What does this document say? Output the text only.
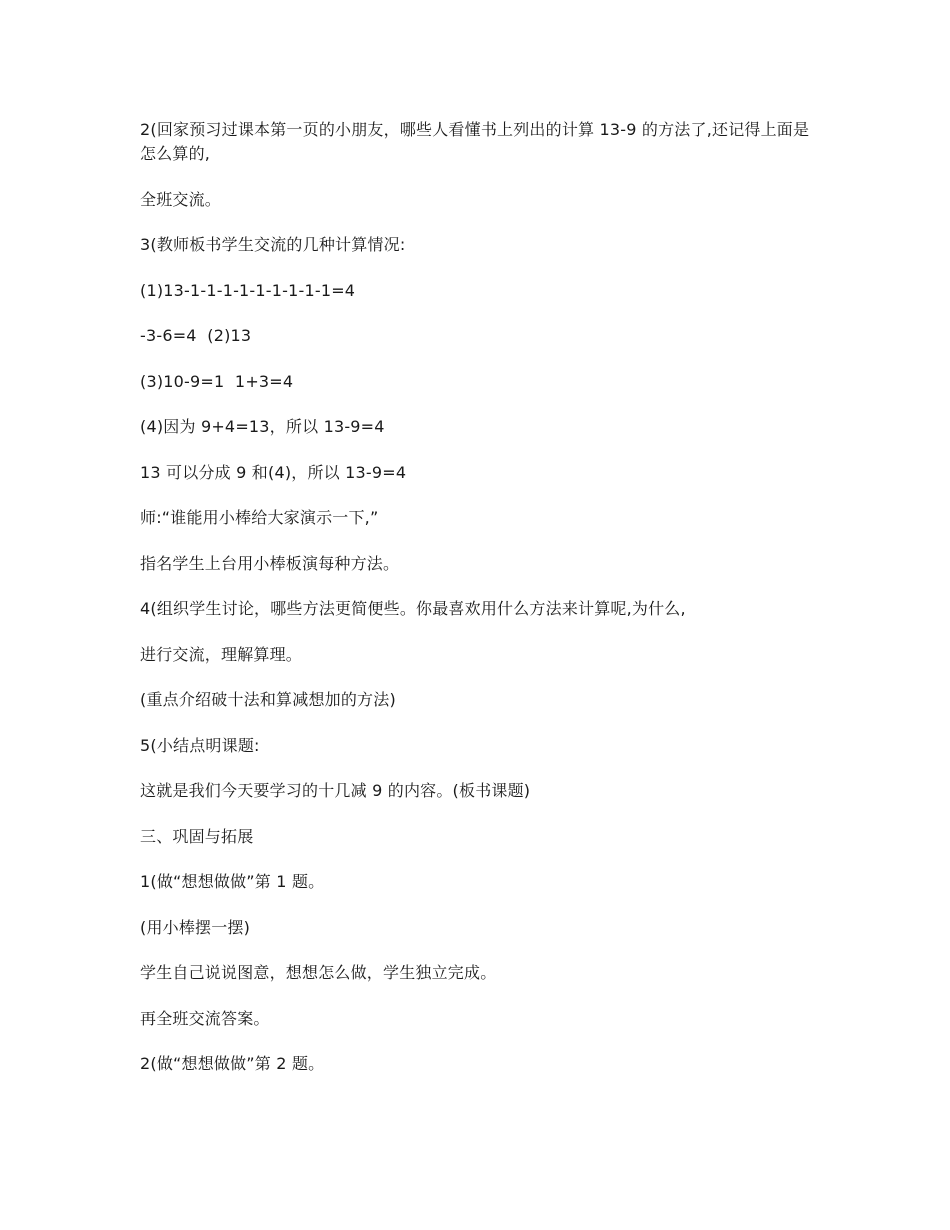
2(回家预习过课本第一页的小朋友，哪些人看懂书上列出的计算 13-9 的方法了,还记得上面是怎么算的,

全班交流。

3(教师板书学生交流的几种计算情况:

(1)13-1-1-1-1-1-1-1-1-1=4

-3-6=4  (2)13

(3)10-9=1  1+3=4

(4)因为 9+4=13，所以 13-9=4

13 可以分成 9 和(4)，所以 13-9=4

师:“谁能用小棒给大家演示一下,”

指名学生上台用小棒板演每种方法。

4(组织学生讨论，哪些方法更简便些。你最喜欢用什么方法来计算呢,为什么,

进行交流，理解算理。

(重点介绍破十法和算减想加的方法)

5(小结点明课题:

这就是我们今天要学习的十几减 9 的内容。(板书课题)

三、巩固与拓展

1(做“想想做做”第 1 题。

(用小棒摆一摆)

学生自己说说图意，想想怎么做，学生独立完成。

再全班交流答案。

2(做“想想做做”第 2 题。
